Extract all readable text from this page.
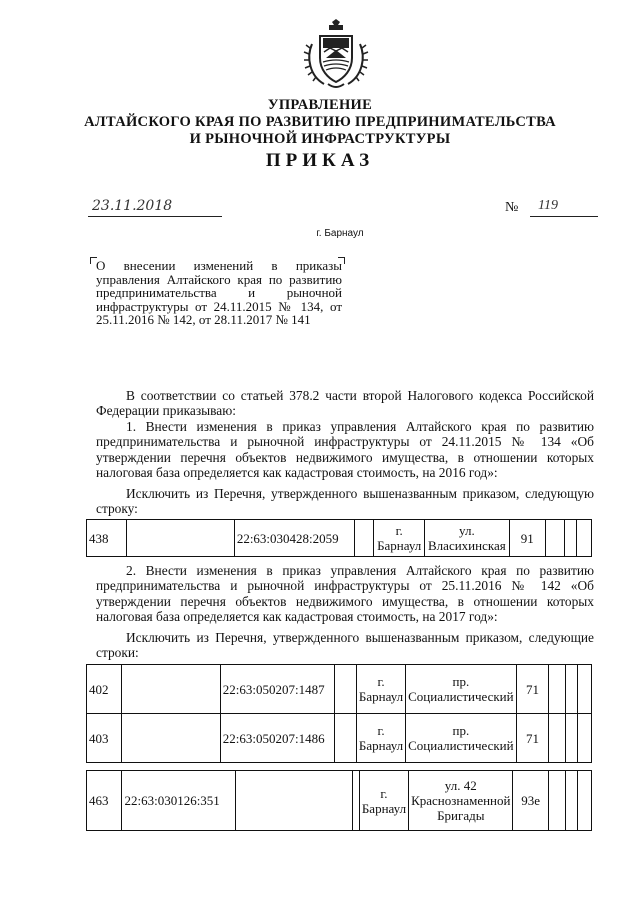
УПРАВЛЕНИЕ
АЛТАЙСКОГО КРАЯ ПО РАЗВИТИЮ ПРЕДПРИНИМАТЕЛЬСТВА
И РЫНОЧНОЙ ИНФРАСТРУКТУРЫ
ПРИКАЗ
23.11.2018	№	119
г. Барнаул
О внесении изменений в приказы управления Алтайского края по развитию предпринимательства и рыночной инфраструктуры от 24.11.2015 № 134, от 25.11.2016 № 142, от 28.11.2017 № 141
В соответствии со статьей 378.2 части второй Налогового кодекса Российской Федерации приказываю:
1. Внести изменения в приказ управления Алтайского края по развитию предпринимательства и рыночной инфраструктуры от 24.11.2015 № 134 «Об утверждении перечня объектов недвижимого имущества, в отношении которых налоговая база определяется как кадастровая стоимость, на 2016 год»:
Исключить из Перечня, утвержденного вышеназванным приказом, следующую строку:
438		22:63:030428:2059		г. Барнаул	ул. Власихинская	91			
2. Внести изменения в приказ управления Алтайского края по развитию предпринимательства и рыночной инфраструктуры от 25.11.2016 № 142 «Об утверждении перечня объектов недвижимого имущества, в отношении которых налоговая база определяется как кадастровая стоимость, на 2017 год»:
Исключить из Перечня, утвержденного вышеназванным приказом, следующие строки:
402		22:63:050207:1487		г. Барнаул	пр. Социалистический	71			
403		22:63:050207:1486		г. Барнаул	пр. Социалистический	71			
463	22:63:030126:351			г. Барнаул	ул. 42 Краснознаменной Бригады	93е			
